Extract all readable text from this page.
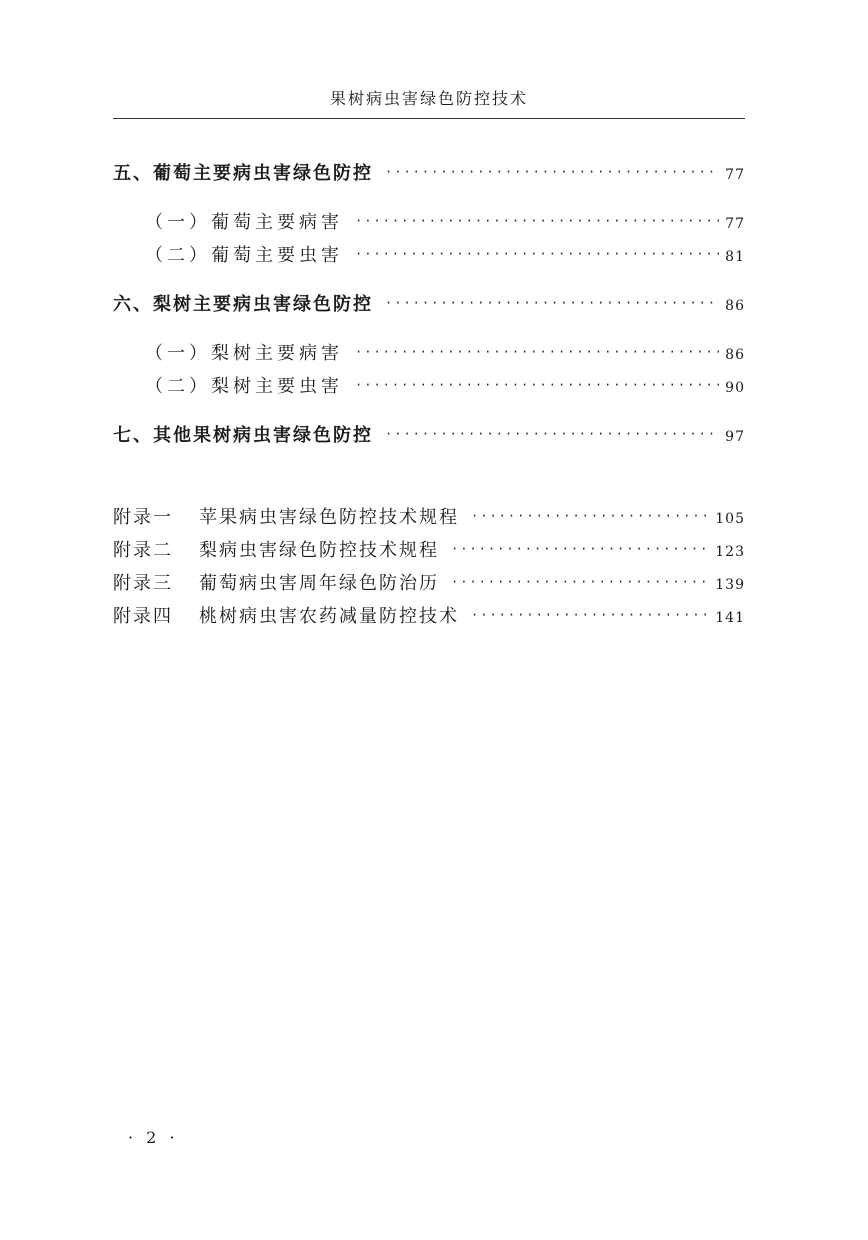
果树病虫害绿色防控技术
五、葡萄主要病虫害绿色防控 ·····	77
（一）葡萄主要病害 ·····	77
（二）葡萄主要虫害 ·····	81
六、梨树主要病虫害绿色防控 ·····	86
（一）梨树主要病害 ·····	86
（二）梨树主要虫害 ·····	90
七、其他果树病虫害绿色防控 ·····	97
附录一 苹果病虫害绿色防控技术规程 ·····	105
附录二 梨病虫害绿色防控技术规程 ·····	123
附录三 葡萄病虫害周年绿色防治历 ·····	139
附录四 桃树病虫害农药减量防控技术 ·····	141
· 2 ·
